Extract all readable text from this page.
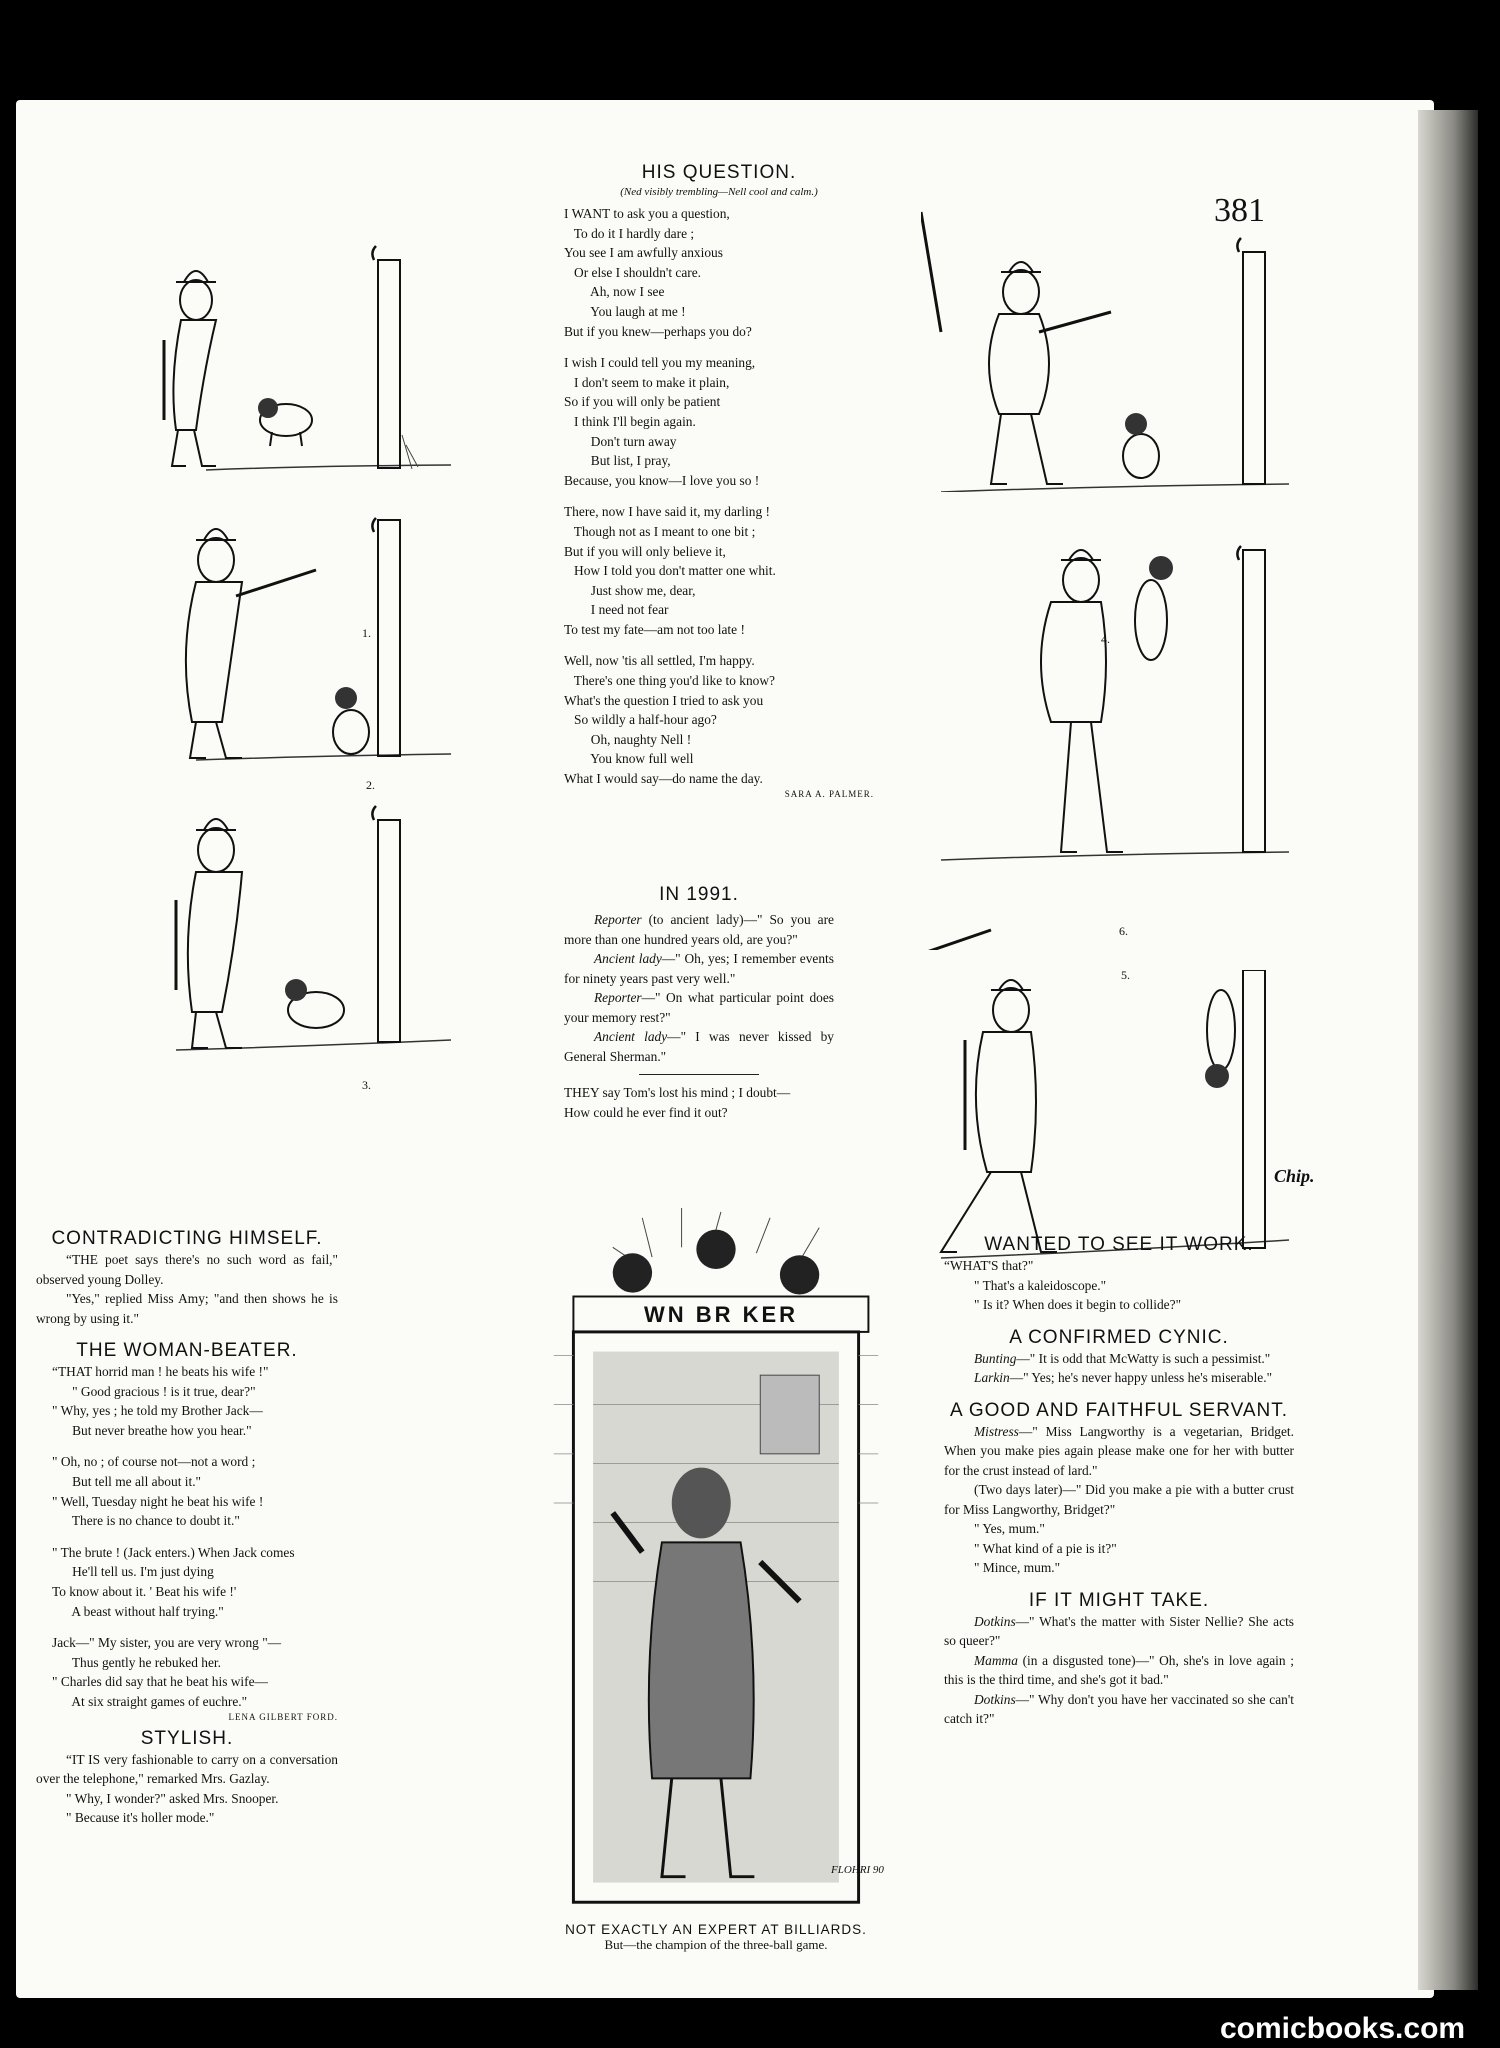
381
1.
2.
3.
4.
5.
6.
Chip.
HIS QUESTION.
(Ned visibly trembling—Nell cool and calm.)
I WANT to ask you a question,
To do it I hardly dare ;
You see I am awfully anxious
Or else I shouldn't care.
Ah, now I see
You laugh at me !
But if you knew—perhaps you do?
I wish I could tell you my meaning,
I don't seem to make it plain,
So if you will only be patient
I think I'll begin again.
Don't turn away
But list, I pray,
Because, you know—I love you so !
There, now I have said it, my darling !
Though not as I meant to one bit ;
But if you will only believe it,
How I told you don't matter one whit.
Just show me, dear,
I need not fear
To test my fate—am not too late !
Well, now 'tis all settled, I'm happy.
There's one thing you'd like to know?
What's the question I tried to ask you
So wildly a half-hour ago?
Oh, naughty Nell !
You know full well
What I would say—do name the day.
SARA A. PALMER.
IN 1991.

Reporter (to ancient lady)—" So you are more than one hundred years old, are you?"

Ancient lady—" Oh, yes; I remember events for ninety years past very well."

Reporter—" On what particular point does your memory rest?"

Ancient lady—" I was never kissed by General Sherman."

THEY say Tom's lost his mind ; I doubt—

How could he ever find it out?

CONTRADICTING HIMSELF.

“THE poet says there's no such word as fail," observed young Dolley.

"Yes," replied Miss Amy; "and then shows he is wrong by using it."

THE WOMAN-BEATER.
“THAT horrid man ! he beats his wife !"
" Good gracious ! is it true, dear?"
" Why, yes ; he told my Brother Jack—
But never breathe how you hear."
" Oh, no ; of course not—not a word ;
But tell me all about it."
" Well, Tuesday night he beat his wife !
There is no chance to doubt it."
" The brute ! (Jack enters.) When Jack comes
He'll tell us. I'm just dying
To know about it. ' Beat his wife !'
A beast without half trying."
Jack—" My sister, you are very wrong "—
Thus gently he rebuked her.
" Charles did say that he beat his wife—
At six straight games of euchre."
LENA GILBERT FORD.
STYLISH.

“IT IS very fashionable to carry on a conversation over the telephone," remarked Mrs. Gazlay.

" Why, I wonder?" asked Mrs. Snooper.

" Because it's holler mode."

WN BR KER
FLOHRI 90
NOT EXACTLY AN EXPERT AT BILLIARDS.
But—the champion of the three-ball game.
WANTED TO SEE IT WORK.

“WHAT'S that?"

" That's a kaleidoscope."

" Is it? When does it begin to collide?"

A CONFIRMED CYNIC.

Bunting—" It is odd that McWatty is such a pessimist."

Larkin—" Yes; he's never happy unless he's miserable."

A GOOD AND FAITHFUL SERVANT.

Mistress—" Miss Langworthy is a vegetarian, Bridget. When you make pies again please make one for her with butter for the crust instead of lard."

(Two days later)—" Did you make a pie with a butter crust for Miss Langworthy, Bridget?"

" Yes, mum."

" What kind of a pie is it?"

" Mince, mum."

IF IT MIGHT TAKE.

Dotkins—" What's the matter with Sister Nellie? She acts so queer?"

Mamma (in a disgusted tone)—" Oh, she's in love again ; this is the third time, and she's got it bad."

Dotkins—" Why don't you have her vaccinated so she can't catch it?"

comicbooks.com
